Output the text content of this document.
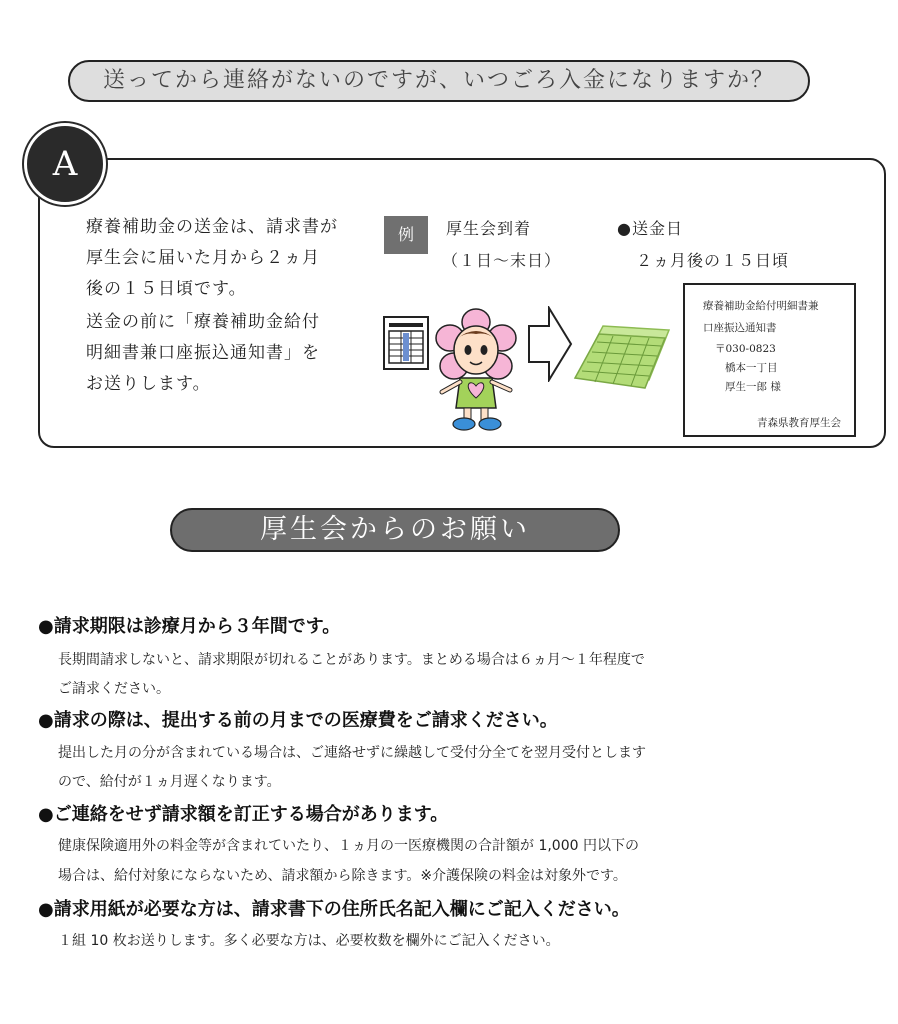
送ってから連絡がないのですが、いつごろ入金になりますか？
A
療養補助金の送金は、請求書が
厚生会に届いた月から２ヵ月
後の１５日頃です。
送金の前に「療養補助金給付
明細書兼口座振込通知書」を
お送りします。
例	厚生会到着
（１日～末日）
●送金日
２ヵ月後の１５日頃
療養補助金給付明細書兼
口座振込通知書
〒030-0823
橋本一丁目
厚生一郎 様
青森県教育厚生会
厚生会からのお願い
●請求期限は診療月から３年間です。
長期間請求しないと、請求期限が切れることがあります。まとめる場合は６ヵ月～１年程度で
ご請求ください。
●請求の際は、提出する前の月までの医療費をご請求ください。
提出した月の分が含まれている場合は、ご連絡せずに繰越して受付分全てを翌月受付とします
ので、給付が１ヵ月遅くなります。
●ご連絡をせず請求額を訂正する場合があります。
健康保険適用外の料金等が含まれていたり、１ヵ月の一医療機関の合計額が 1,000 円以下の
場合は、給付対象にならないため、請求額から除きます。※介護保険の料金は対象外です。
●請求用紙が必要な方は、請求書下の住所氏名記入欄にご記入ください。
１組 10 枚お送りします。多く必要な方は、必要枚数を欄外にご記入ください。
